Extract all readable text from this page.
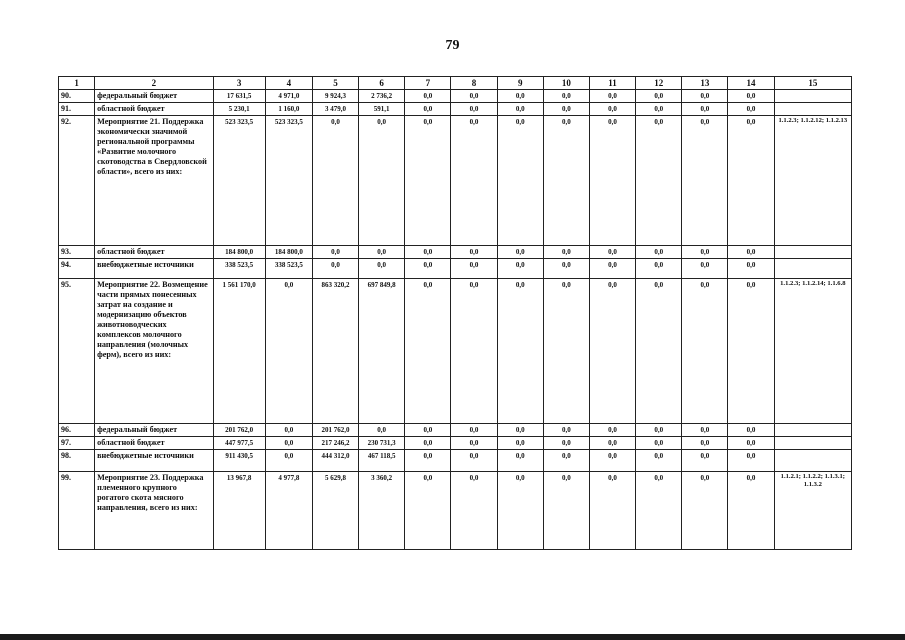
79
1	2	3	4	5	6	7	8	9	10	11	12	13	14	15
90.	федеральный бюджет	17 631,5	4 971,0	9 924,3	2 736,2	0,0	0,0	0,0	0,0	0,0	0,0	0,0	0,0	
91.	областной бюджет	5 230,1	1 160,0	3 479,0	591,1	0,0	0,0	0,0	0,0	0,0	0,0	0,0	0,0	
92.	Мероприятие 21. Поддержка экономически значимой региональной программы «Развитие молочного скотоводства в Свердловской области», всего из них:	523 323,5	523 323,5	0,0	0,0	0,0	0,0	0,0	0,0	0,0	0,0	0,0	0,0	1.1.2.3; 1.1.2.12; 1.1.2.13
93.	областной бюджет	184 800,0	184 800,0	0,0	0,0	0,0	0,0	0,0	0,0	0,0	0,0	0,0	0,0	
94.	внебюджетные источники	338 523,5	338 523,5	0,0	0,0	0,0	0,0	0,0	0,0	0,0	0,0	0,0	0,0	
95.	Мероприятие 22. Возмещение части прямых понесенных затрат на создание и модернизацию объектов животноводческих комплексов молочного направления (молочных ферм), всего из них:	1 561 170,0	0,0	863 320,2	697 849,8	0,0	0,0	0,0	0,0	0,0	0,0	0,0	0,0	1.1.2.3; 1.1.2.14; 1.1.6.8
96.	федеральный бюджет	201 762,0	0,0	201 762,0	0,0	0,0	0,0	0,0	0,0	0,0	0,0	0,0	0,0	
97.	областной бюджет	447 977,5	0,0	217 246,2	230 731,3	0,0	0,0	0,0	0,0	0,0	0,0	0,0	0,0	
98.	внебюджетные источники	911 430,5	0,0	444 312,0	467 118,5	0,0	0,0	0,0	0,0	0,0	0,0	0,0	0,0	
99.	Мероприятие 23. Поддержка племенного крупного рогатого скота мясного направления, всего из них:	13 967,8	4 977,8	5 629,8	3 360,2	0,0	0,0	0,0	0,0	0,0	0,0	0,0	0,0	1.1.2.1; 1.1.2.2; 1.1.3.1; 1.1.3.2
